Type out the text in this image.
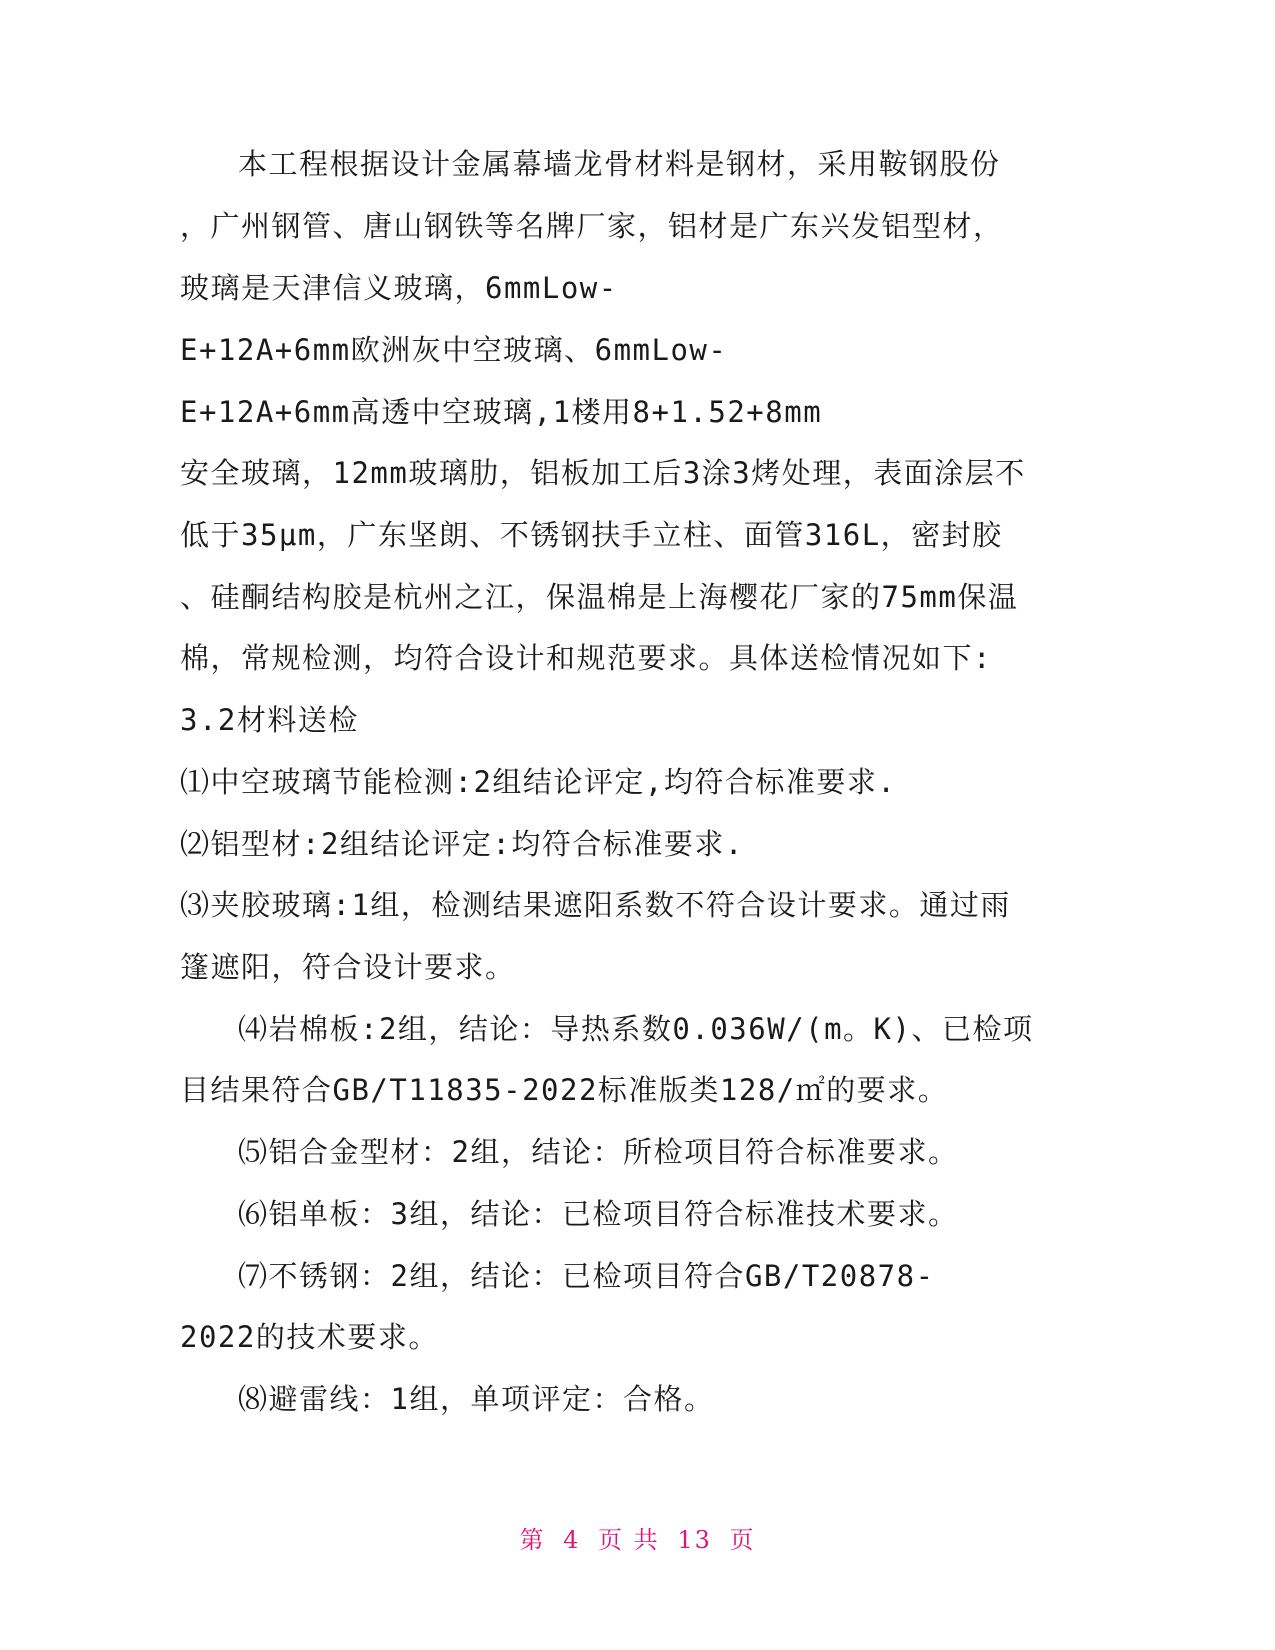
本工程根据设计金属幕墙龙骨材料是钢材，采用鞍钢股份
，广州钢管、唐山钢铁等名牌厂家，铝材是广东兴发铝型材，
玻璃是天津信义玻璃，6mmLow-
E+12A+6mm欧洲灰中空玻璃、6mmLow-
E+12A+6mm高透中空玻璃,1楼用8+1.52+8mm
安全玻璃，12mm玻璃肋，铝板加工后3涂3烤处理，表面涂层不
低于35μm，广东坚朗、不锈钢扶手立柱、面管316L，密封胶
、硅酮结构胶是杭州之江，保温棉是上海樱花厂家的75mm保温
棉，常规检测，均符合设计和规范要求。具体送检情况如下:
3.2材料送检
⑴中空玻璃节能检测:2组结论评定,均符合标准要求.
⑵铝型材:2组结论评定:均符合标准要求.
⑶夹胶玻璃:1组，检测结果遮阳系数不符合设计要求。通过雨
篷遮阳，符合设计要求。
⑷岩棉板:2组，结论：导热系数0.036W/(m。K)、已检项
目结果符合GB/T11835-2022标准版类128/㎡的要求。
⑸铝合金型材：2组，结论：所检项目符合标准要求。
⑹铝单板：3组，结论：已检项目符合标准技术要求。
⑺不锈钢：2组，结论：已检项目符合GB/T20878-
2022的技术要求。
⑻避雷线：1组，单项评定：合格。
第 4 页 共 13 页
